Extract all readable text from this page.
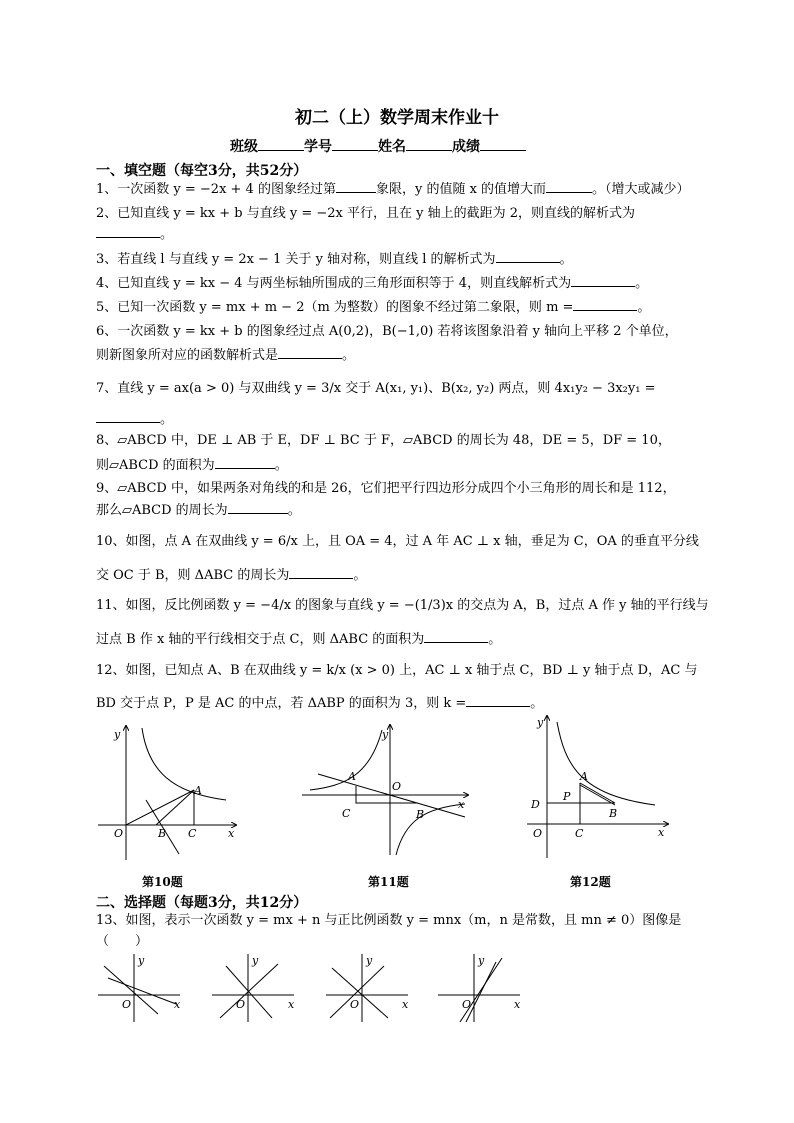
初二（上）数学周末作业十
班级	学号	姓名	成绩
一、填空题（每空3分，共52分）
1、一次函数 y = −2x + 4 的图象经过第	象限，y 的值随 x 的值增大而	。（增大或减少）
2、已知直线 y = kx + b 与直线 y = −2x 平行，且在 y 轴上的截距为 2，则直线的解析式为
。
3、若直线 l 与直线 y = 2x − 1 关于 y 轴对称，则直线 l 的解析式为	。
4、已知直线 y = kx − 4 与两坐标轴所围成的三角形面积等于 4，则直线解析式为	。
5、已知一次函数 y = mx + m − 2（m 为整数）的图象不经过第二象限，则 m =	。
6、一次函数 y = kx + b 的图象经过点 A(0,2)，B(−1,0) 若将该图象沿着 y 轴向上平移 2 个单位，
则新图象所对应的函数解析式是	。
7、直线 y = ax(a > 0) 与双曲线 y = 3/x 交于 A(x₁, y₁)、B(x₂, y₂) 两点，则 4x₁y₂ − 3x₂y₁ =
。
8、▱ABCD 中，DE ⊥ AB 于 E，DF ⊥ BC 于 F，▱ABCD 的周长为 48，DE = 5，DF = 10，
则▱ABCD 的面积为	。
9、▱ABCD 中，如果两条对角线的和是 26，它们把平行四边形分成四个小三角形的周长和是 112，
那么▱ABCD 的周长为	。
10、如图，点 A 在双曲线 y = 6/x 上，且 OA = 4，过 A 年 AC ⊥ x 轴，垂足为 C，OA 的垂直平分线
交 OC 于 B，则 ΔABC 的周长为	。
11、如图，反比例函数 y = −4/x 的图象与直线 y = −(1/3)x 的交点为 A，B，过点 A 作 y 轴的平行线与
过点 B 作 x 轴的平行线相交于点 C，则 ΔABC 的面积为	。
12、如图，已知点 A、B 在双曲线 y = k/x (x > 0) 上，AC ⊥ x 轴于点 C，BD ⊥ y 轴于点 D，AC 与
BD 交于点 P，P 是 AC 的中点，若 ΔABP 的面积为 3，则 k =	。
y
x
O
A
B C
第10题
y
x
O
A
B
C
第11题
y
x
O
A
B
C
D
P
第12题
二、选择题（每题3分，共12分）
13、如图，表示一次函数 y = mx + n 与正比例函数 y = mnx（m，n 是常数，且 mn ≠ 0）图像是
（　　）
y
x
O
y
x
O
y
x
O
y
x
O
